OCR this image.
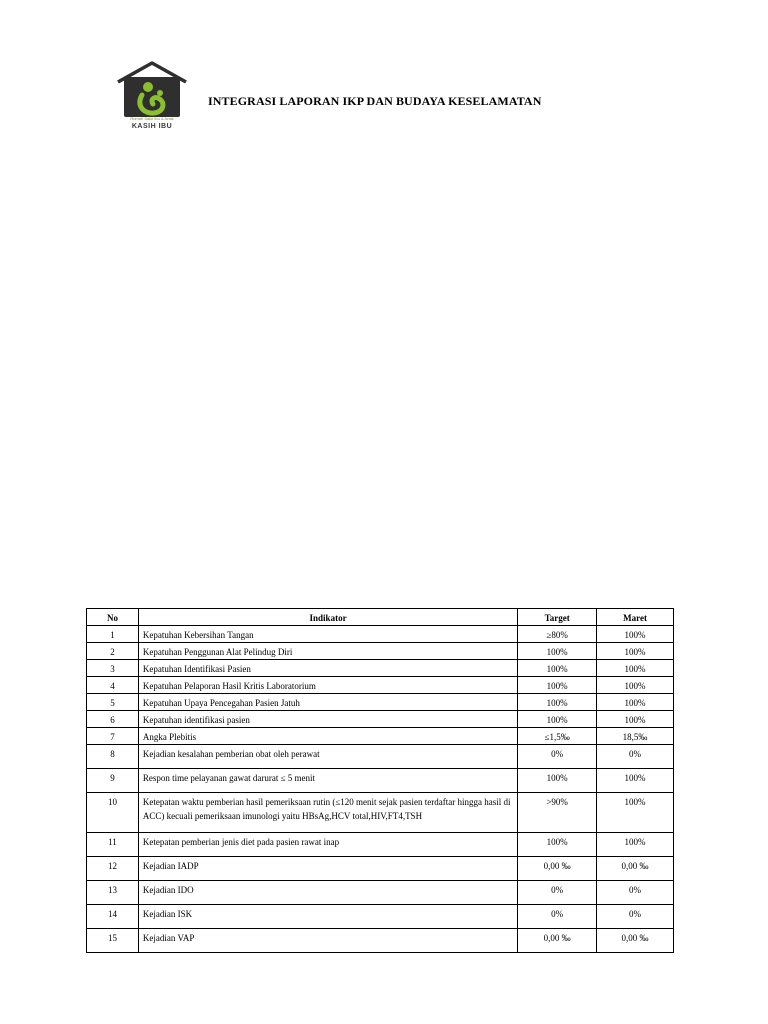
Rumah Sakit Ibu & Anak
KASIH IBU
INTEGRASI LAPORAN IKP DAN BUDAYA KESELAMATAN
No	Indikator	Target	Maret
1	Kepatuhan Kebersihan Tangan	≥80%	100%
2	Kepatuhan Penggunan Alat Pelindug Diri	100%	100%
3	Kepatuhan Identifikasi Pasien	100%	100%
4	Kepatuhan Pelaporan Hasil Kritis Laboratorium	100%	100%
5	Kepatuhan Upaya Pencegahan Pasien Jatuh	100%	100%
6	Kepatuhan identifikasi pasien	100%	100%
7	Angka Plebitis	≤1,5‰	18,5‰
8	Kejadian kesalahan pemberian obat oleh perawat	0%	0%
9	Respon time pelayanan gawat darurat ≤ 5 menit	100%	100%
10	Ketepatan waktu pemberian hasil pemeriksaan rutin (≤120 menit sejak pasien terdaftar hingga hasil di ACC) kecuali pemeriksaan imunologi yaitu HBsAg,HCV total,HIV,FT4,TSH	>90%	100%
11	Ketepatan pemberian jenis diet pada pasien rawat inap	100%	100%
12	Kejadian IADP	0,00 ‰	0,00 ‰
13	Kejadian IDO	0%	0%
14	Kejadian ISK	0%	0%
15	Kejadian VAP	0,00 ‰	0,00 ‰
